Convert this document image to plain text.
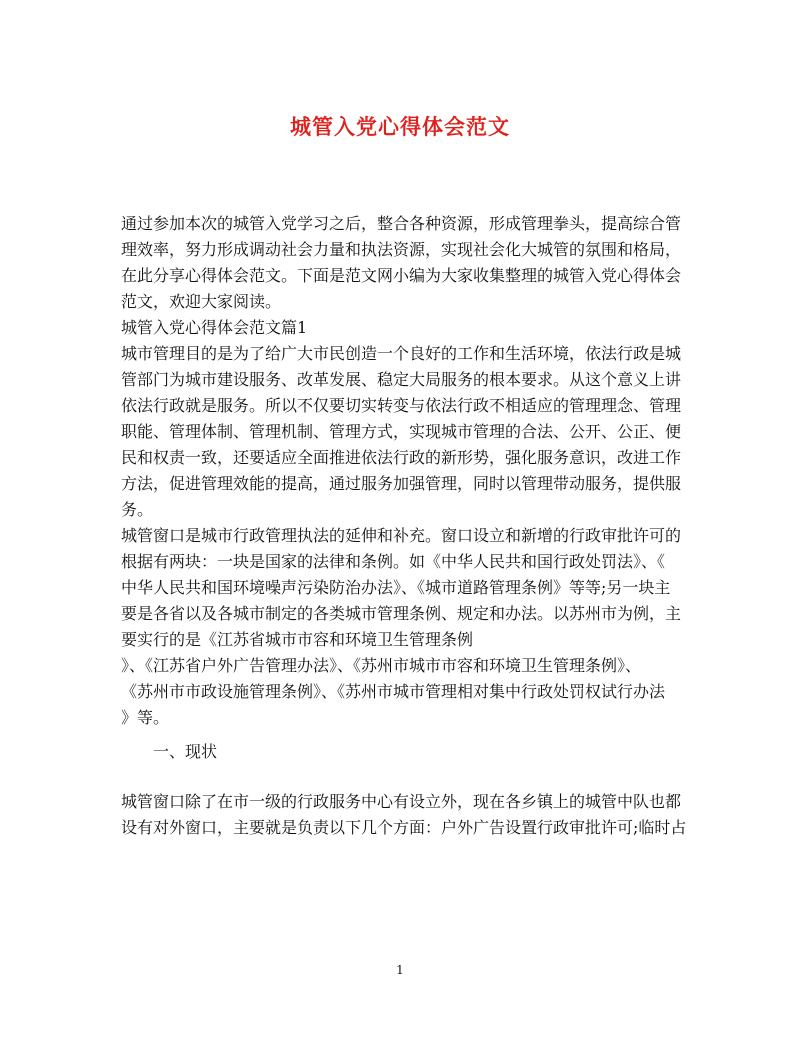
城管入党心得体会范文
通过参加本次的城管入党学习之后，整合各种资源，形成管理拳头，提高综合管
理效率，努力形成调动社会力量和执法资源，实现社会化大城管的氛围和格局，
在此分享心得体会范文。下面是范文网小编为大家收集整理的城管入党心得体会
范文，欢迎大家阅读。
城管入党心得体会范文篇1
城市管理目的是为了给广大市民创造一个良好的工作和生活环境，依法行政是城
管部门为城市建设服务、改革发展、稳定大局服务的根本要求。从这个意义上讲
依法行政就是服务。所以不仅要切实转变与依法行政不相适应的管理理念、管理
职能、管理体制、管理机制、管理方式，实现城市管理的合法、公开、公正、便
民和权责一致，还要适应全面推进依法行政的新形势，强化服务意识，改进工作
方法，促进管理效能的提高，通过服务加强管理，同时以管理带动服务，提供服
务。
城管窗口是城市行政管理执法的延伸和补充。窗口设立和新增的行政审批许可的
根据有两块：一块是国家的法律和条例。如《中华人民共和国行政处罚法》、《
中华人民共和国环境噪声污染防治办法》、《城市道路管理条例》等等;另一块主
要是各省以及各城市制定的各类城市管理条例、规定和办法。以苏州市为例，主
要实行的是《江苏省城市市容和环境卫生管理条例
》、《江苏省户外广告管理办法》、《苏州市城市市容和环境卫生管理条例》、
《苏州市市政设施管理条例》、《苏州市城市管理相对集中行政处罚权试行办法
》等。
一、现状
城管窗口除了在市一级的行政服务中心有设立外，现在各乡镇上的城管中队也都
设有对外窗口，主要就是负责以下几个方面：户外广告设置行政审批许可;临时占
1
